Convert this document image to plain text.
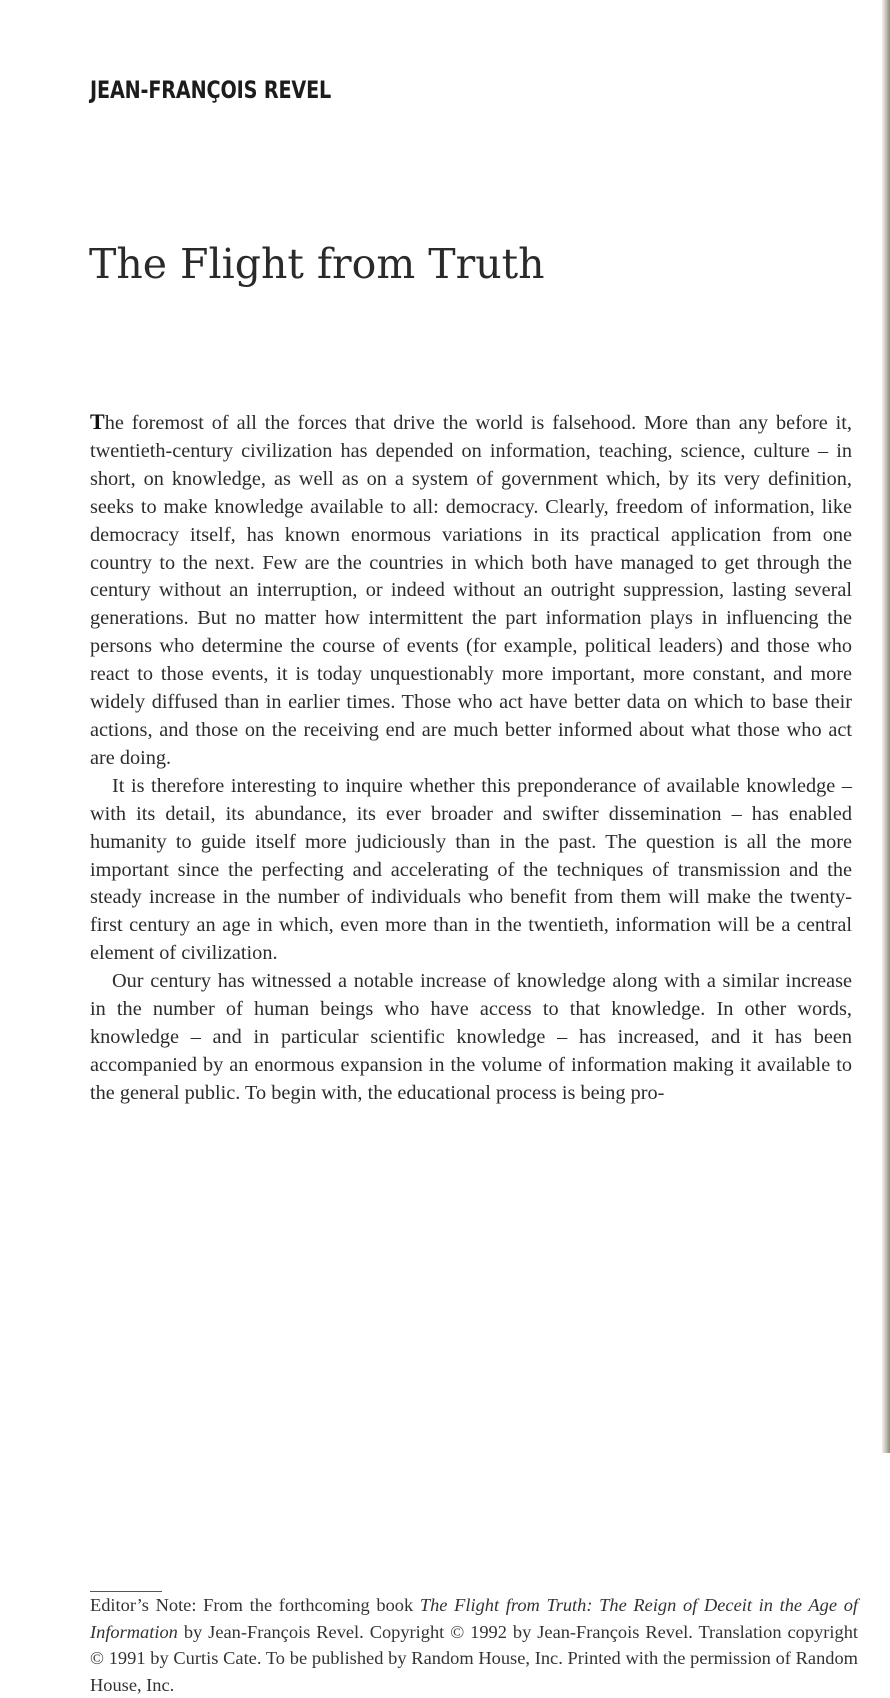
JEAN-FRANÇOIS REVEL
The Flight from Truth

The foremost of all the forces that drive the world is falsehood. More than any before it, twentieth-century civilization has depended on information, teaching, science, culture – in short, on knowledge, as well as on a system of government which, by its very definition, seeks to make knowledge available to all: democracy. Clearly, freedom of information, like democracy itself, has known enormous variations in its practical application from one country to the next. Few are the countries in which both have managed to get through the century without an interruption, or indeed without an outright suppression, lasting several generations. But no matter how intermittent the part information plays in influencing the persons who determine the course of events (for example, political leaders) and those who react to those events, it is today unquestionably more important, more constant, and more widely diffused than in earlier times. Those who act have better data on which to base their actions, and those on the receiving end are much better informed about what those who act are doing.

It is therefore interesting to inquire whether this preponderance of available knowledge – with its detail, its abundance, its ever broader and swifter dissemination – has enabled humanity to guide itself more judiciously than in the past. The question is all the more important since the perfecting and accelerating of the techniques of transmission and the steady increase in the number of individuals who benefit from them will make the twenty-first century an age in which, even more than in the twentieth, information will be a central element of civilization.

Our century has witnessed a notable increase of knowledge along with a similar increase in the number of human beings who have access to that knowledge. In other words, knowledge – and in particular scientific knowledge – has increased, and it has been accompanied by an enormous expansion in the volume of information making it available to the general public. To begin with, the educational process is being pro-

Editor’s Note: From the forthcoming book The Flight from Truth: The Reign of Deceit in the Age of Information by Jean-François Revel. Copyright © 1992 by Jean-François Revel. Translation copyright © 1991 by Curtis Cate. To be published by Random House, Inc. Printed with the permission of Random House, Inc.
